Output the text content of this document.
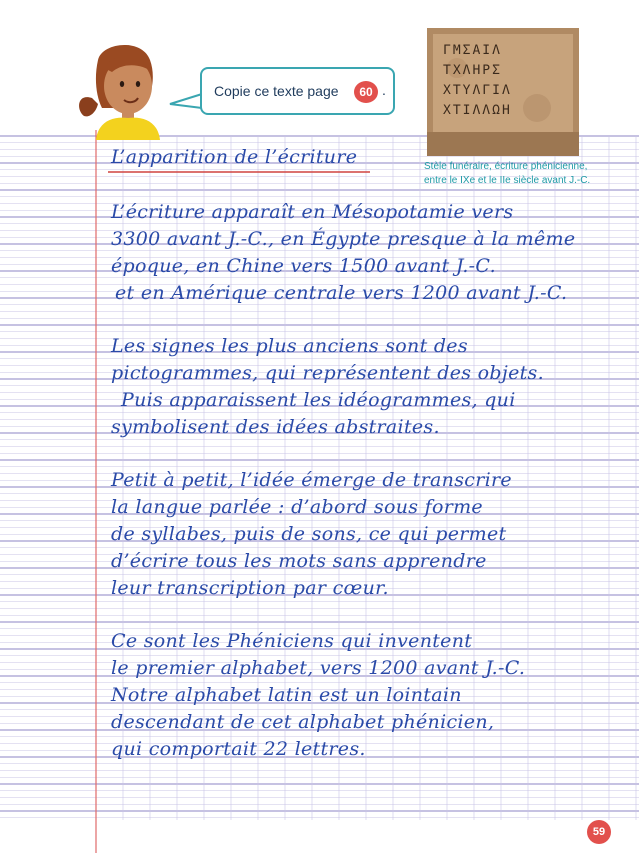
Copie ce texte page	60 .
ΓΜΣΑΙΛ
ΤΧΛΗΡΣ
ΧΤΥΛΓΙΛ
ΧΤΙΛΛΩΗ
Stèle funéraire, écriture phénicienne,
entre le IXe et le IIe siècle avant J.-C.
L’apparition de l’écriture
L’écriture apparaît en Mésopotamie vers
3300 avant J.-C., en Égypte presque à la même
époque, en Chine vers 1500 avant J.-C.
et en Amérique centrale vers 1200 avant J.-C.
Les signes les plus anciens sont des
pictogrammes, qui représentent des objets.
Puis apparaissent les idéogrammes, qui
symbolisent des idées abstraites.
Petit à petit, l’idée émerge de transcrire
la langue parlée : d’abord sous forme
de syllabes, puis de sons, ce qui permet
d’écrire tous les mots sans apprendre
leur transcription par cœur.
Ce sont les Phéniciens qui inventent
le premier alphabet, vers 1200 avant J.-C.
Notre alphabet latin est un lointain
descendant de cet alphabet phénicien,
qui comportait 22 lettres.
59
